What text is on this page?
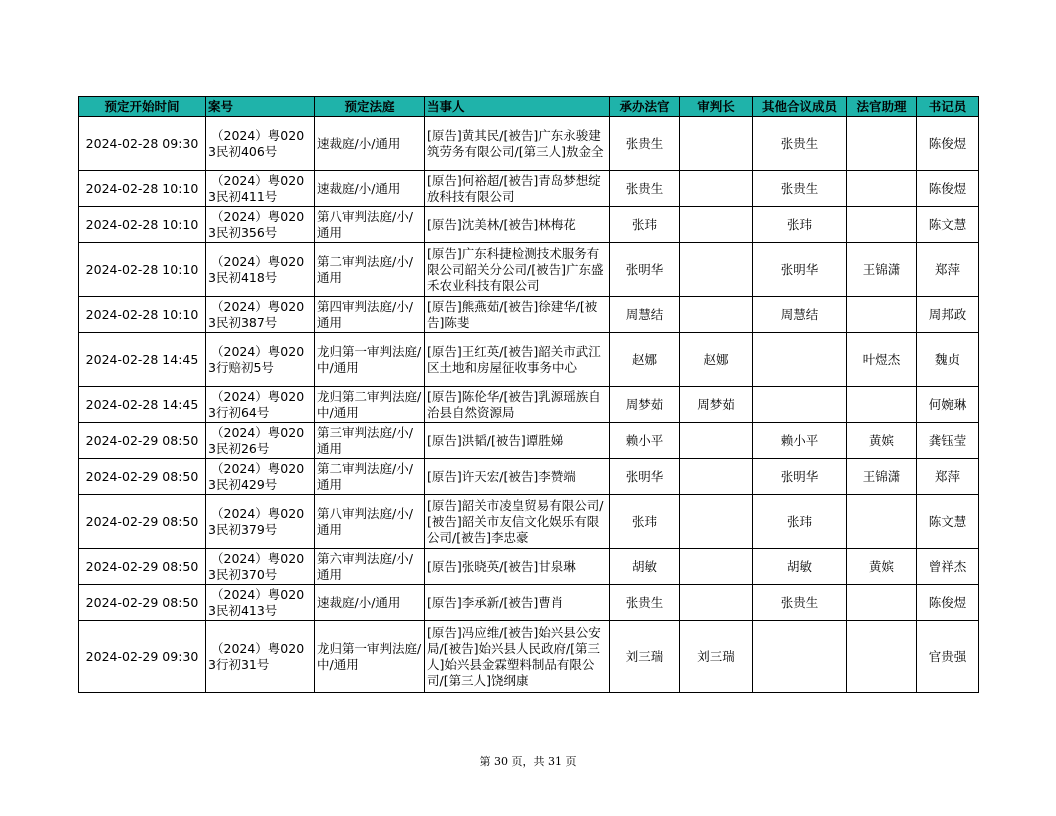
预定开始时间	案号	预定法庭	当事人	承办法官	审判长	其他合议成员	法官助理	书记员
2024-02-28 09:30	（2024）粤0203民初406号	速裁庭/小/通用	[原告]黄其民/[被告]广东永骏建筑劳务有限公司/[第三人]敖金全	张贵生		张贵生		陈俊煜
2024-02-28 10:10	（2024）粤0203民初411号	速裁庭/小/通用	[原告]何裕超/[被告]青岛梦想绽放科技有限公司	张贵生		张贵生		陈俊煜
2024-02-28 10:10	（2024）粤0203民初356号	第八审判法庭/小/通用	[原告]沈美林/[被告]林梅花	张玮		张玮		陈文慧
2024-02-28 10:10	（2024）粤0203民初418号	第二审判法庭/小/通用	[原告]广东科捷检测技术服务有限公司韶关分公司/[被告]广东盛禾农业科技有限公司	张明华		张明华	王锦潇	郑萍
2024-02-28 10:10	（2024）粤0203民初387号	第四审判法庭/小/通用	[原告]熊燕茹/[被告]徐建华/[被告]陈斐	周慧结		周慧结		周邦政
2024-02-28 14:45	（2024）粤0203行赔初5号	龙归第一审判法庭/中/通用	[原告]王红英/[被告]韶关市武江区土地和房屋征收事务中心	赵娜	赵娜		叶煜杰	魏贞
2024-02-28 14:45	（2024）粤0203行初64号	龙归第二审判法庭/中/通用	[原告]陈伦华/[被告]乳源瑶族自治县自然资源局	周梦茹	周梦茹			何婉琳
2024-02-29 08:50	（2024）粤0203民初26号	第三审判法庭/小/通用	[原告]洪韬/[被告]谭胜娣	赖小平		赖小平	黄嫔	龚钰莹
2024-02-29 08:50	（2024）粤0203民初429号	第二审判法庭/小/通用	[原告]许天宏/[被告]李赞端	张明华		张明华	王锦潇	郑萍
2024-02-29 08:50	（2024）粤0203民初379号	第八审判法庭/小/通用	[原告]韶关市凌皇贸易有限公司/[被告]韶关市友信文化娱乐有限公司/[被告]李忠豪	张玮		张玮		陈文慧
2024-02-29 08:50	（2024）粤0203民初370号	第六审判法庭/小/通用	[原告]张晓英/[被告]甘泉琳	胡敏		胡敏	黄嫔	曾祥杰
2024-02-29 08:50	（2024）粤0203民初413号	速裁庭/小/通用	[原告]李承新/[被告]曹肖	张贵生		张贵生		陈俊煜
2024-02-29 09:30	（2024）粤0203行初31号	龙归第一审判法庭/中/通用	[原告]冯应维/[被告]始兴县公安局/[被告]始兴县人民政府/[第三人]始兴县金霖塑料制品有限公司/[第三人]饶纲康	刘三瑞	刘三瑞			官贵强
第 30 页，共 31 页
